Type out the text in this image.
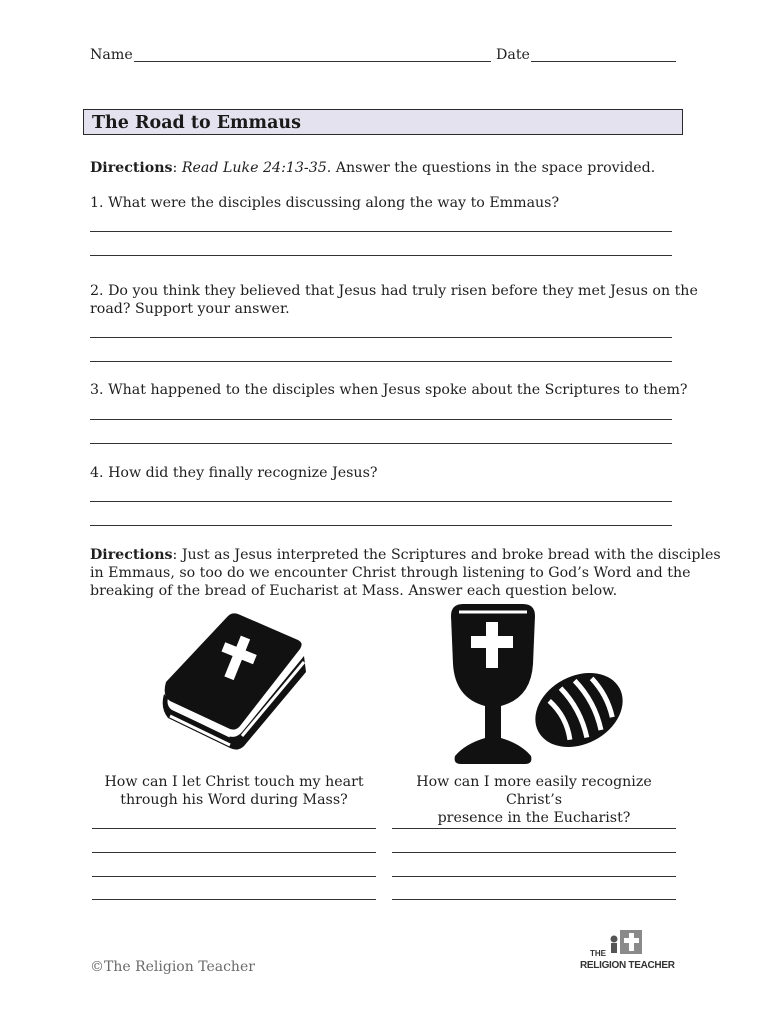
Name	Date
The Road to Emmaus
Directions: Read Luke 24:13-35. Answer the questions in the space provided.
1. What were the disciples discussing along the way to Emmaus?
2. Do you think they believed that Jesus had truly risen before they met Jesus on the
road? Support your answer.
3. What happened to the disciples when Jesus spoke about the Scriptures to them?
4. How did they finally recognize Jesus?
Directions: Just as Jesus interpreted the Scriptures and broke bread with the disciples
in Emmaus, so too do we encounter Christ through listening to God’s Word and the
breaking of the bread of Eucharist at Mass. Answer each question below.
How can I let Christ touch my heart
through his Word during Mass?
How can I more easily recognize Christ’s
presence in the Eucharist?
©The Religion Teacher
THE
RELIGION TEACHER
